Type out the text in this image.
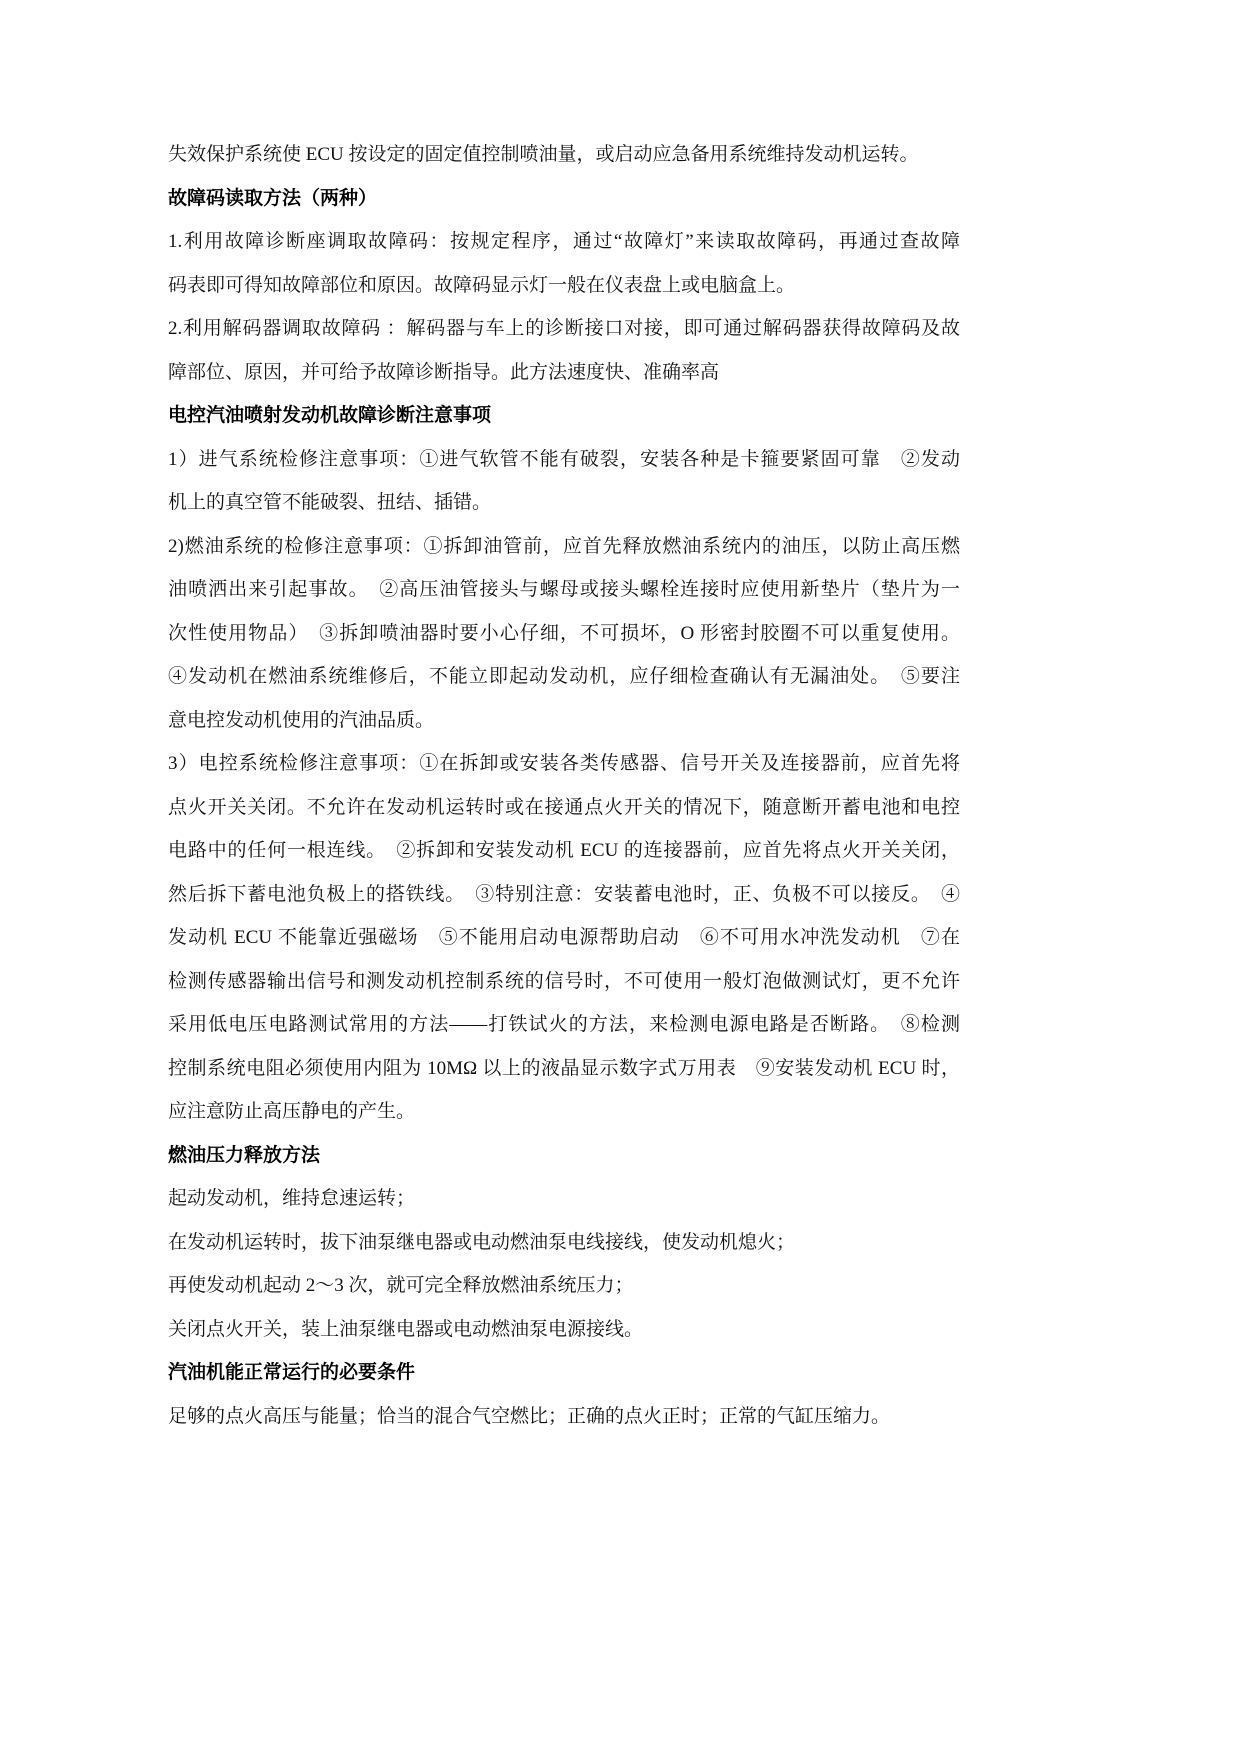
失效保护系统使 ECU 按设定的固定值控制喷油量，或启动应急备用系统维持发动机运转。
故障码读取方法（两种）
1.利用故障诊断座调取故障码：按规定程序，通过“故障灯”来读取故障码，再通过查故障
码表即可得知故障部位和原因。故障码显示灯一般在仪表盘上或电脑盒上。
2.利用解码器调取故障码 ：解码器与车上的诊断接口对接，即可通过解码器获得故障码及故
障部位、原因，并可给予故障诊断指导。此方法速度快、准确率高
电控汽油喷射发动机故障诊断注意事项
1）进气系统检修注意事项：①进气软管不能有破裂，安装各种是卡箍要紧固可靠　②发动
机上的真空管不能破裂、扭结、插错。
2)燃油系统的检修注意事项：①拆卸油管前，应首先释放燃油系统内的油压，以防止高压燃
油喷洒出来引起事故。　②高压油管接头与螺母或接头螺栓连接时应使用新垫片（垫片为一
次性使用物品）　③拆卸喷油器时要小心仔细，不可损坏，O 形密封胶圈不可以重复使用。
④发动机在燃油系统维修后，不能立即起动发动机，应仔细检查确认有无漏油处。　⑤要注
意电控发动机使用的汽油品质。
3）电控系统检修注意事项：①在拆卸或安装各类传感器、信号开关及连接器前，应首先将
点火开关关闭。不允许在发动机运转时或在接通点火开关的情况下，随意断开蓄电池和电控
电路中的任何一根连线。　②拆卸和安装发动机 ECU 的连接器前，应首先将点火开关关闭，
然后拆下蓄电池负极上的搭铁线。　③特别注意：安装蓄电池时，正、负极不可以接反。　④
发动机 ECU 不能靠近强磁场　⑤不能用启动电源帮助启动　⑥不可用水冲洗发动机　⑦在
检测传感器输出信号和测发动机控制系统的信号时，不可使用一般灯泡做测试灯，更不允许
采用低电压电路测试常用的方法——打铁试火的方法，来检测电源电路是否断路。　⑧检测
控制系统电阻必须使用内阻为 10MΩ 以上的液晶显示数字式万用表　⑨安装发动机 ECU 时，
应注意防止高压静电的产生。
燃油压力释放方法
起动发动机，维持怠速运转；
在发动机运转时，拔下油泵继电器或电动燃油泵电线接线，使发动机熄火；
再使发动机起动 2～3 次，就可完全释放燃油系统压力；
关闭点火开关，装上油泵继电器或电动燃油泵电源接线。
汽油机能正常运行的必要条件
足够的点火高压与能量；恰当的混合气空燃比；正确的点火正时；正常的气缸压缩力。
